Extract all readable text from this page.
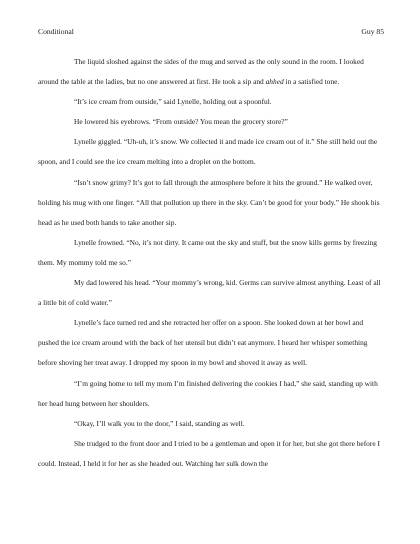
Conditional	Guy 85

The liquid sloshed against the sides of the mug and served as the only sound in the room. I looked around the table at the ladies, but no one answered at first. He took a sip and ahhed in a satisfied tone.

“It’s ice cream from outside,” said Lynelle, holding out a spoonful.

He lowered his eyebrows. “From outside? You mean the grocery store?”

Lynelle giggled. “Uh-uh, it’s snow. We collected it and made ice cream out of it.” She still held out the spoon, and I could see the ice cream melting into a droplet on the bottom.

“Isn’t snow grimy? It’s got to fall through the atmosphere before it hits the ground.” He walked over, holding his mug with one finger. “All that pollution up there in the sky. Can’t be good for your body.” He shook his head as he used both hands to take another sip.

Lynelle frowned. “No, it’s not dirty. It came out the sky and stuff, but the snow kills germs by freezing them. My mommy told me so.”

My dad lowered his head. “Your mommy’s wrong, kid. Germs can survive almost anything. Least of all a little bit of cold water.”

Lynelle’s face turned red and she retracted her offer on a spoon. She looked down at her bowl and pushed the ice cream around with the back of her utensil but didn’t eat anymore. I heard her whisper something before shoving her treat away. I dropped my spoon in my bowl and shoved it away as well.

“I’m going home to tell my mom I’m finished delivering the cookies I had,” she said, standing up with her head hung between her shoulders.

“Okay, I’ll walk you to the door,” I said, standing as well.

She trudged to the front door and I tried to be a gentleman and open it for her, but she got there before I could. Instead, I held it for her as she headed out. Watching her sulk down the
